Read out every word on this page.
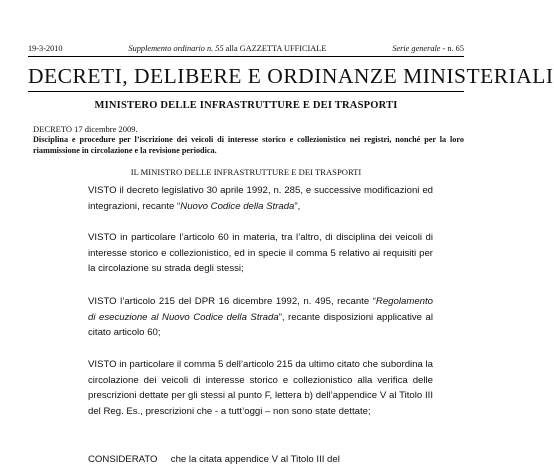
19-3-2010	Supplemento ordinario n. 55 alla GAZZETTA UFFICIALE	Serie generale - n. 65
DECRETI, DELIBERE E ORDINANZE MINISTERIALI
MINISTERO DELLE INFRASTRUTTURE E DEI TRASPORTI
DECRETO 17 dicembre 2009.
Disciplina e procedure per l’iscrizione dei veicoli di interesse storico e collezionistico nei registri, nonché per la loro riammissione in circolazione e la revisione periodica.
IL MINISTRO DELLE INFRASTRUTTURE E DEI TRASPORTI
VISTO il decreto legislativo 30 aprile 1992, n. 285, e successive modificazioni ed integrazioni, recante “Nuovo Codice della Strada”,
VISTO in particolare l’articolo 60 in materia, tra l’altro, di disciplina dei veicoli di interesse storico e collezionistico, ed in specie il comma 5 relativo ai requisiti per la circolazione su strada degli stessi;
VISTO l’articolo 215 del DPR 16 dicembre 1992, n. 495, recante “Regolamento di esecuzione al Nuovo Codice della Strada”, recante disposizioni applicative al citato articolo 60;
VISTO in particolare il comma 5 dell’articolo 215 da ultimo citato che subordina la circolazione dei veicoli di interesse storico e collezionistico alla verifica delle prescrizioni dettate per gli stessi al punto F, lettera b) dell’appendice V al Titolo III del Reg. Es., prescrizioni che - a tutt’oggi – non sono state dettate;
CONSIDERATO     che la citata appendice V al Titolo III del
